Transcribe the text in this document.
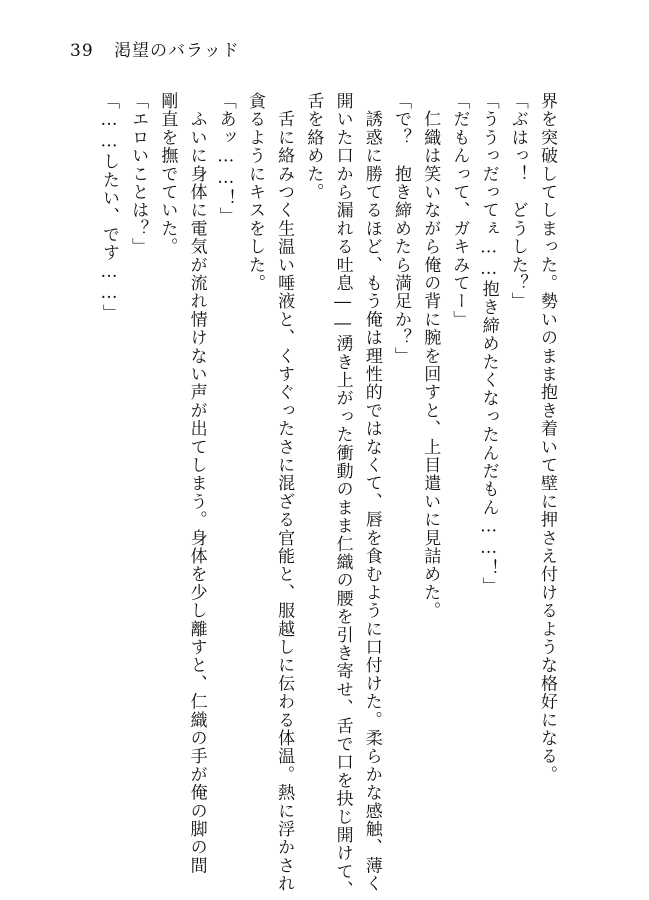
39 渇望のバラッド
界を突破してしまった。勢いのまま抱き着いて壁に押さえ付けるような格好になる。
「ぶはっ！　どうした？」
「ううっだってぇ……抱き締めたくなったんだもん……！」
「だもんって、ガキみてー」
　仁織は笑いながら俺の背に腕を回すと、上目遣いに見詰めた。
「で？　抱き締めたら満足か？」
　誘惑に勝てるほど、もう俺は理性的ではなくて、唇を食むように口付けた。柔らかな感触、薄く
開いた口から漏れる吐息――湧き上がった衝動のまま仁織の腰を引き寄せ、舌で口を抉じ開けて、
舌を絡めた。
　舌に絡みつく生温い唾液と、くすぐったさに混ざる官能と、服越しに伝わる体温。熱に浮かされ
貪るようにキスをした。
「あッ……！」
　ふいに身体に電気が流れ情けない声が出てしまう。身体を少し離すと、仁織の手が俺の脚の間
剛直を撫でていた。
「エロいことは？」
「……したい、です……」
